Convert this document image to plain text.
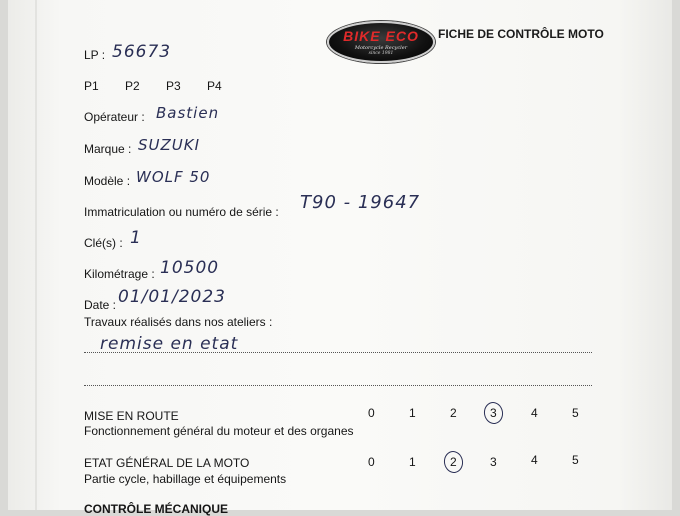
BIKE ECO
Motorcycle Recycler
since 1981
FICHE DE CONTRÔLE MOTO
LP : 56673
P1 P2 P3 P4
Opérateur : Bastien
Marque : SUZUKI
Modèle : WOLF 50
Immatriculation ou numéro de série : T90 - 19647
Clé(s) : 1
Kilométrage : 10500
Date : 01/01/2023
Travaux réalisés dans nos ateliers :
remise en etat
MISE EN ROUTE
Fonctionnement général du moteur et des organes
0	1	2	3	4	5
ETAT GÉNÉRAL DE LA MOTO
Partie cycle, habillage et équipements
0	1	2	3	4	5
CONTRÔLE MÉCANIQUE
